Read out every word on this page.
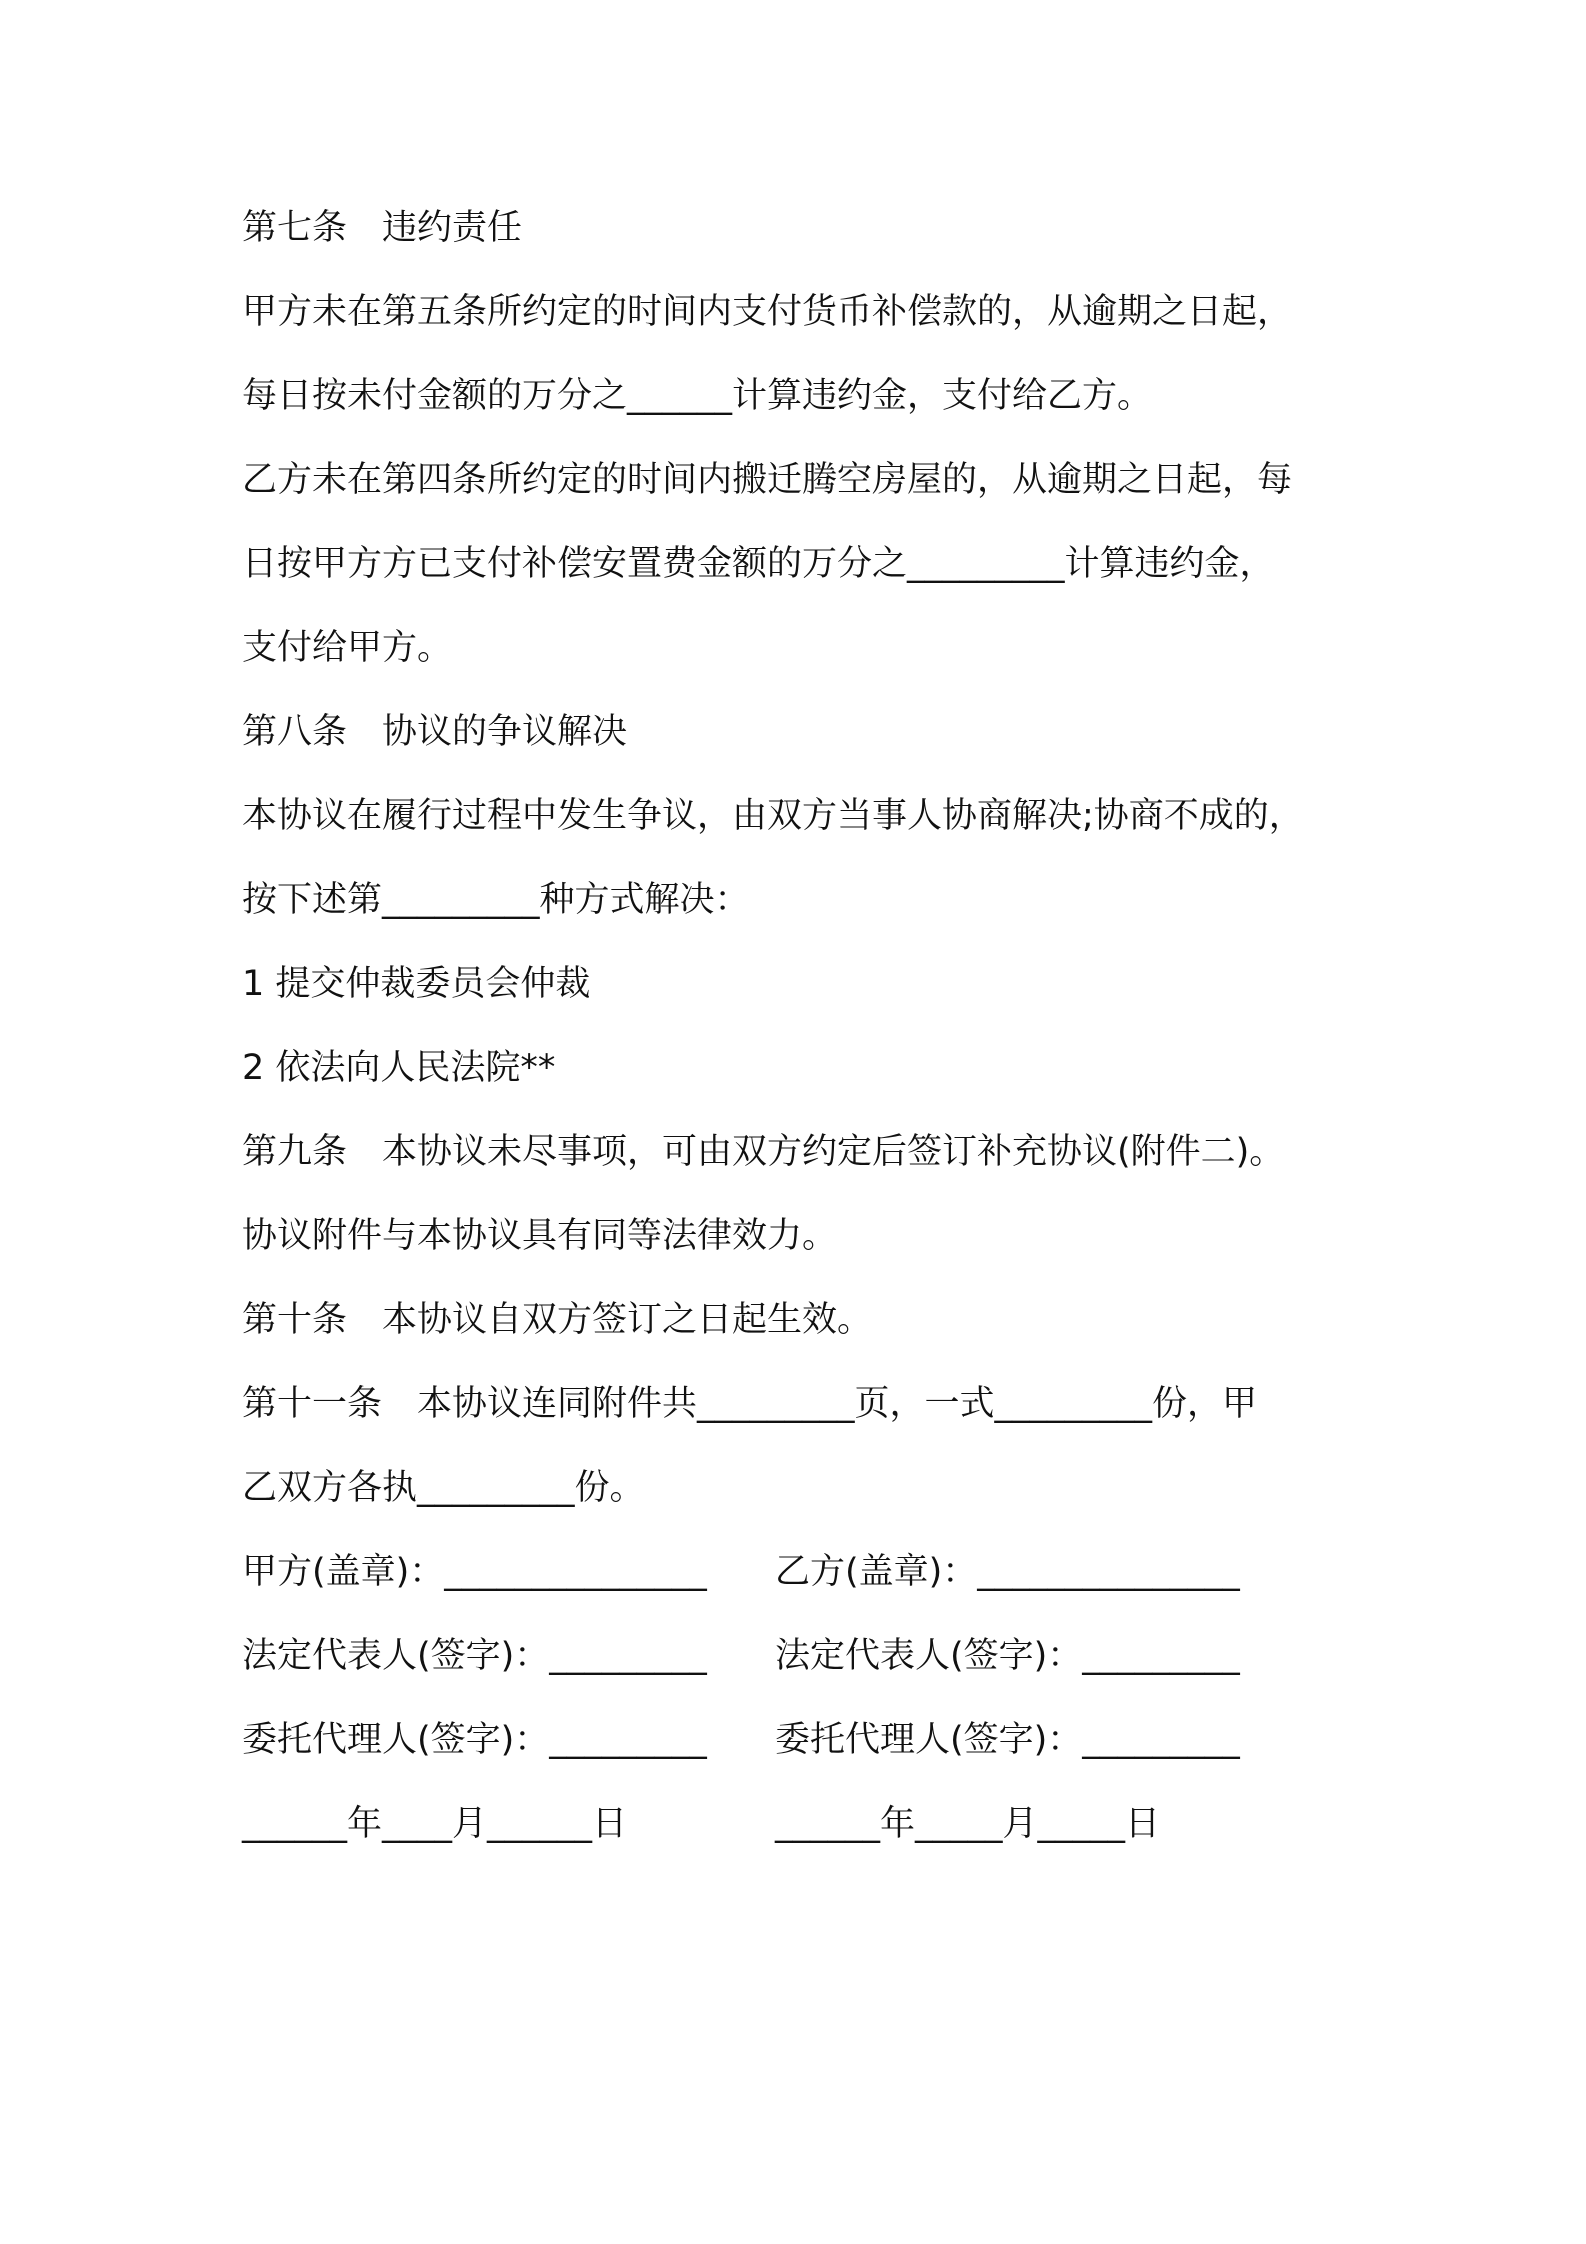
第七条　违约责任
甲方未在第五条所约定的时间内支付货币补偿款的，从逾期之日起，
每日按未付金额的万分之______计算违约金，支付给乙方。
乙方未在第四条所约定的时间内搬迁腾空房屋的，从逾期之日起，每
日按甲方方已支付补偿安置费金额的万分之_________计算违约金，
支付给甲方。
第八条　协议的争议解决
本协议在履行过程中发生争议，由双方当事人协商解决;协商不成的，
按下述第_________种方式解决：
1 提交仲裁委员会仲裁
2 依法向人民法院**
第九条　本协议未尽事项，可由双方约定后签订补充协议(附件二)。
协议附件与本协议具有同等法律效力。
第十条　本协议自双方签订之日起生效。
第十一条　本协议连同附件共_________页，一式_________份，甲
乙双方各执_________份。
甲方(盖章)：_______________ 乙方(盖章)：_______________
法定代表人(签字)：_________ 法定代表人(签字)：_________
委托代理人(签字)：_________ 委托代理人(签字)：_________
______年____月______日	______年_____月_____日
